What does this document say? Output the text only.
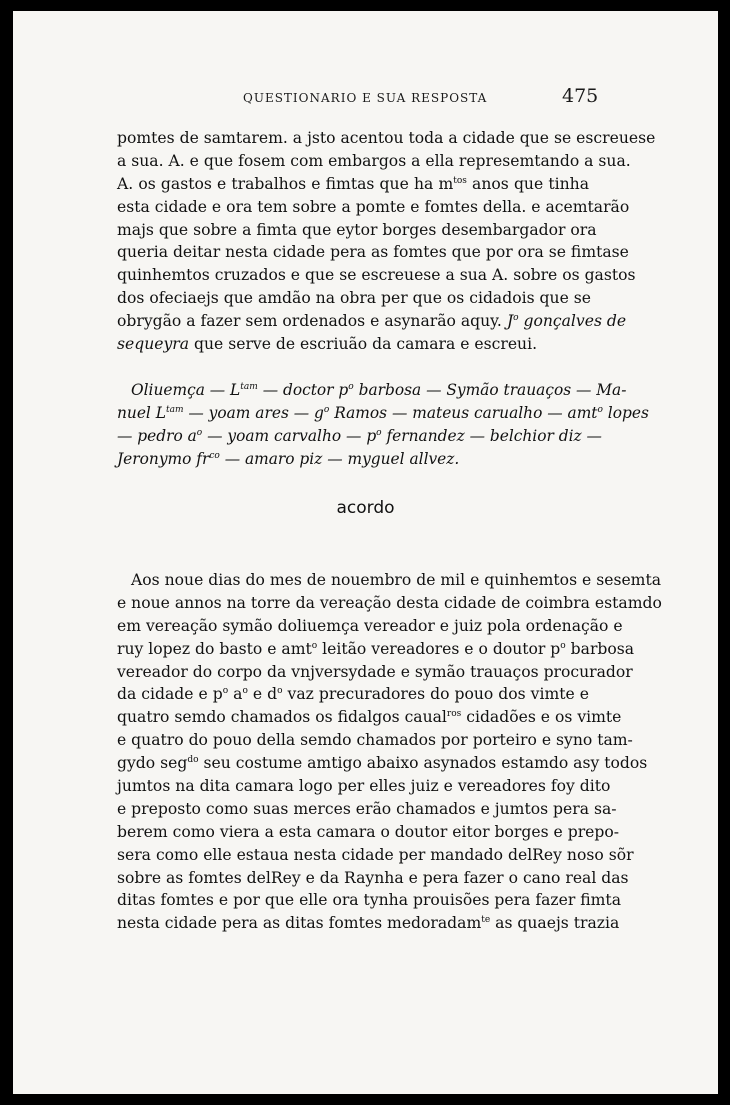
QUESTIONARIO E SUA RESPOSTA	475
pomtes de samtarem. a jsto acentou toda a cidade que se escreuese
a sua. A. e que fosem com embargos a ella represemtando a sua.
A. os gastos e trabalhos e fimtas que ha $m^{tos}$ anos que tinha
esta cidade e ora tem sobre a pomte e fomtes della. e acemtarão
majs que sobre a fimta que eytor borges desembargador ora
queria deitar nesta cidade pera as fomtes que por ora se fimtase
quinhemtos cruzados e que se escreuese a sua A. sobre os gastos
dos ofeciaejs que amdão na obra per que os cidadois que se
obrygão a fazer sem ordenados e asynarão aquy. $J^o$ gonçalves de
sequeyra que serve de escriuão da camara e escreui.
Oliuemça — $L^{tam}$ — doctor $p^o$ barbosa — Symão trauaços — Ma-
nuel $L^{tam}$ — yoam ares — $g^o$ Ramos — mateus carualho — amt$^o$ lopes
— pedro $a^o$ — yoam carvalho — $p^o$ fernandez — belchior diz —
Jeronymo $fr^{co}$ — amaro piz — myguel allvez.
acordo
Aos noue dias do mes de nouembro de mil e quinhemtos e sesemta
e noue annos na torre da vereação desta cidade de coimbra estamdo
em vereação symão doliuemça vereador e juiz pola ordenação e
ruy lopez do basto e amt$^o$ leitão vereadores e o doutor $p^o$ barbosa
vereador do corpo da vnjversydade e symão trauaços procurador
da cidade e $p^o$ $a^o$ e $d^o$ vaz precuradores do pouo dos vimte e
quatro semdo chamados os fidalgos caual$^{ros}$ cidadões e os vimte
e quatro do pouo della semdo chamados por porteiro e syno tam-
gydo seg$^{do}$ seu costume amtigo abaixo asynados estamdo asy todos
jumtos na dita camara logo per elles juiz e vereadores foy dito
e preposto como suas merces erão chamados e jumtos pera sa-
berem como viera a esta camara o doutor eitor borges e prepo-
sera como elle estaua nesta cidade per mandado delRey noso sõr
sobre as fomtes delRey e da Raynha e pera fazer o cano real das
ditas fomtes e por que elle ora tynha prouisões pera fazer fimta
nesta cidade pera as ditas fomtes medoradam$^{te}$ as quaejs trazia
